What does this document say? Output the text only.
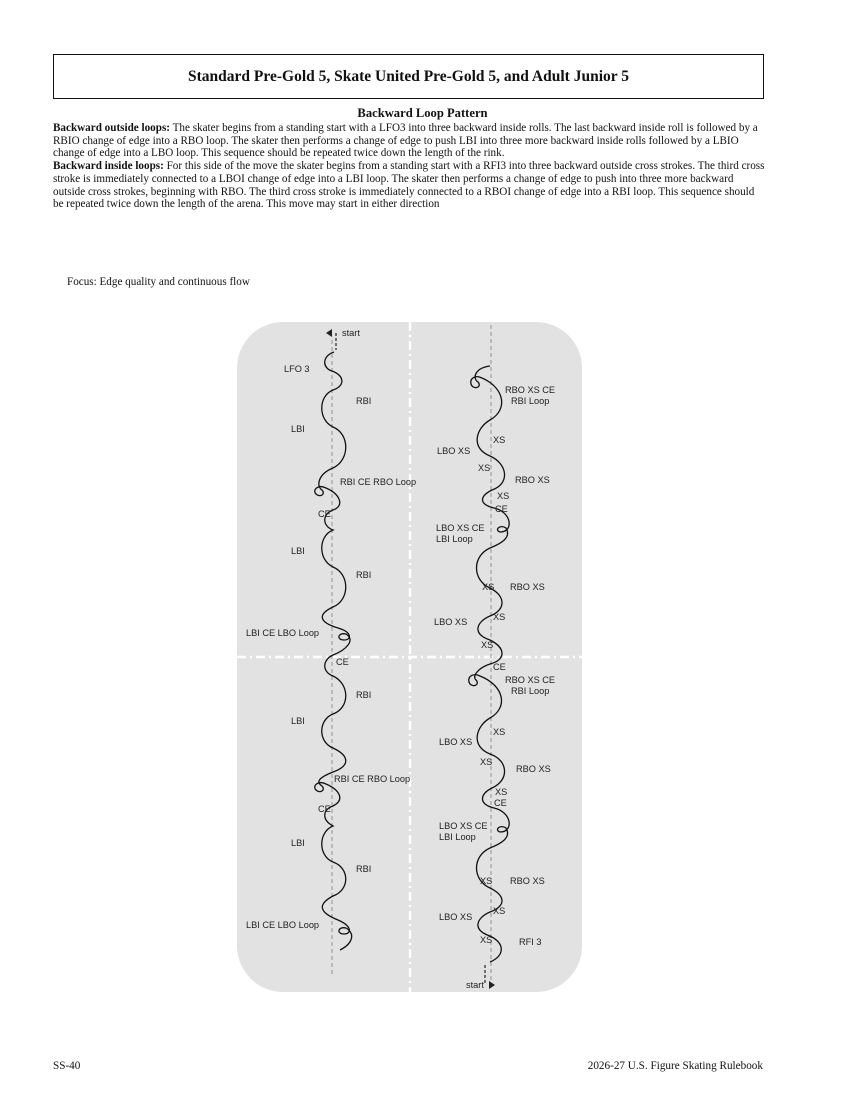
Standard Pre-Gold 5, Skate United Pre-Gold 5, and Adult Junior 5
Backward Loop Pattern

Backward outside loops: The skater begins from a standing start with a LFO3 into three backward inside rolls. The last backward inside roll is followed by a RBIO change of edge into a RBO loop. The skater then performs a change of edge to push LBI into three more backward inside rolls followed by a LBIO change of edge into a LBO loop. This sequence should be repeated twice down the length of the rink.

Backward inside loops: For this side of the move the skater begins from a standing start with a RFI3 into three backward outside cross strokes. The third cross stroke is immediately connected to a LBOI change of edge into a LBI loop. The skater then performs a change of edge to push into three more backward outside cross strokes, beginning with RBO. The third cross stroke is immediately connected to a RBOI change of edge into a RBI loop. This sequence should be repeated twice down the length of the arena. This move may start in either direction

Focus: Edge quality and continuous flow
start
LFO 3
RBI
LBI
RBI CE RBO Loop
CE
LBI
RBI
LBI CE LBO Loop
CE
RBI
LBI
RBI CE RBO Loop
CE
LBI
RBI
LBI CE LBO Loop
RBO XS CE
RBI Loop
XS
LBO XS
XS
RBO XS
XS
CE
LBO XS CE
LBI Loop
XS RBO XS
LBO XS	XS
XS
CE
RBO XS CE
RBI Loop
LBO XS
XS
XS
RBO XS
XS
CE
LBO XS CE
LBI Loop
XS RBO XS
LBO XS
XS
XS	RFI 3
start
SS-40	2026-27 U.S. Figure Skating Rulebook
